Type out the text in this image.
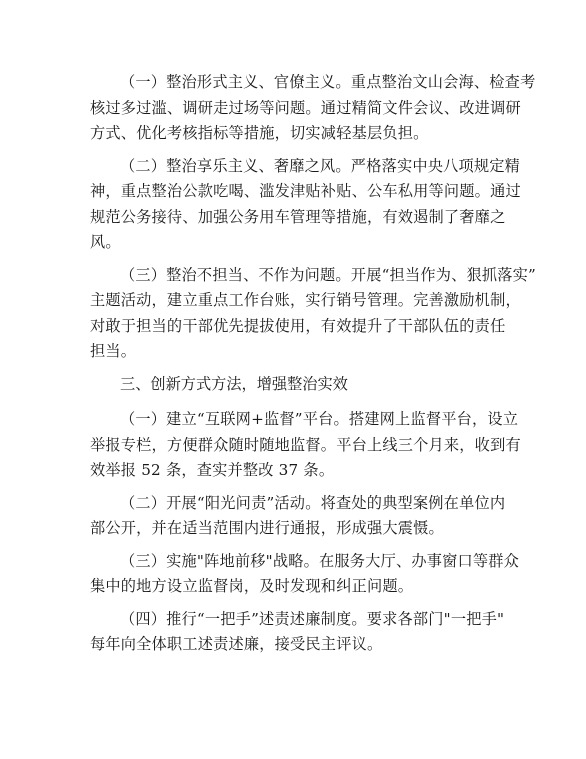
（一）整治形式主义、官僚主义。重点整治文山会海、检查考
核过多过滥、调研走过场等问题。通过精简文件会议、改进调研
方式、优化考核指标等措施，切实减轻基层负担。

（二）整治享乐主义、奢靡之风。严格落实中央八项规定精
神，重点整治公款吃喝、滥发津贴补贴、公车私用等问题。通过
规范公务接待、加强公务用车管理等措施，有效遏制了奢靡之
风。

（三）整治不担当、不作为问题。开展“担当作为、狠抓落实”
主题活动，建立重点工作台账，实行销号管理。完善激励机制，
对敢于担当的干部优先提拔使用，有效提升了干部队伍的责任
担当。

三、创新方式方法，增强整治实效

（一）建立“互联网+监督”平台。搭建网上监督平台，设立
举报专栏，方便群众随时随地监督。平台上线三个月来，收到有
效举报 52 条，查实并整改 37 条。

（二）开展“阳光问责”活动。将查处的典型案例在单位内
部公开，并在适当范围内进行通报，形成强大震慑。

（三）实施"阵地前移"战略。在服务大厅、办事窗口等群众
集中的地方设立监督岗，及时发现和纠正问题。

（四）推行“一把手”述责述廉制度。要求各部门"一把手"
每年向全体职工述责述廉，接受民主评议。
